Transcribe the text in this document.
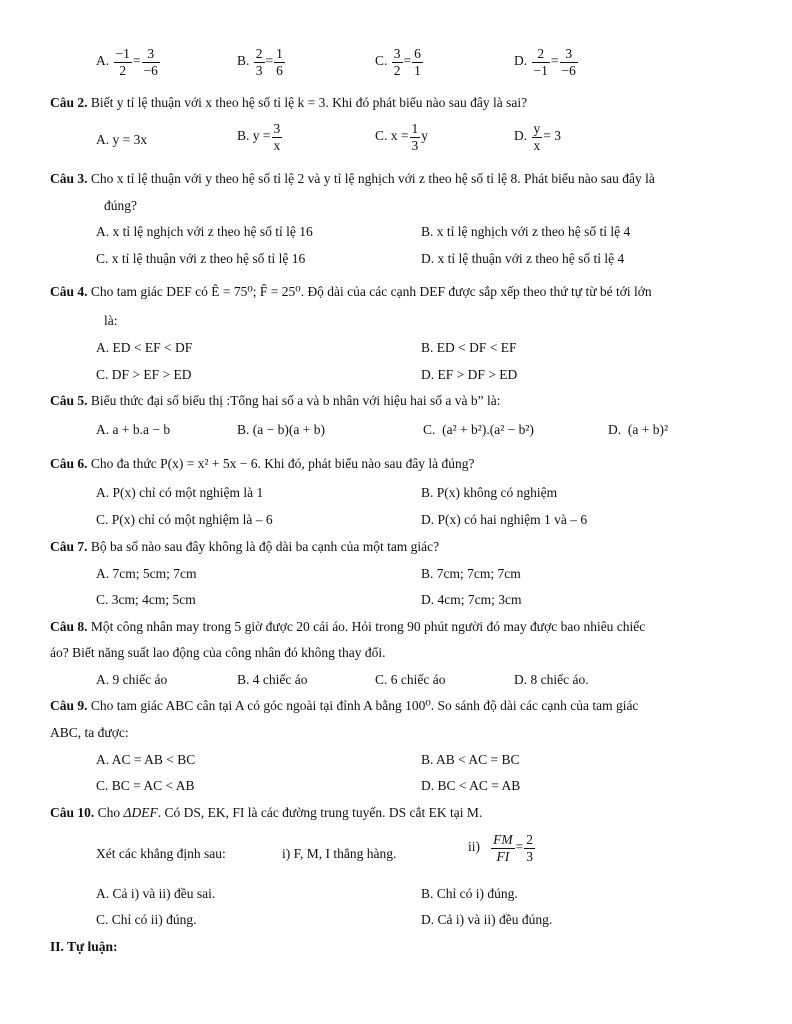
A. $\frac{-1}{2} = \frac{3}{-6}$	B. $\frac{2}{3} = \frac{1}{6}$	C. $\frac{3}{2} = \frac{6}{1}$	D. $\frac{2}{-1} = \frac{3}{-6}$
Câu 2. Biết y tỉ lệ thuận với x theo hệ số tỉ lệ k = 3. Khi đó phát biểu nào sau đây là sai?
A. y = 3x	B. $y = \frac{3}{x}$	C. $x = \frac{1}{3}$ y	D. $\frac{y}{x} = 3$
Câu 3. Cho x tỉ lệ thuận với y theo hệ số tỉ lệ 2 và y tỉ lệ nghịch với z theo hệ số tỉ lệ 8. Phát biểu nào sau đây là
đúng?
A. x tỉ lệ nghịch với z theo hệ số tỉ lệ 16	B. x tỉ lệ nghịch với z theo hệ số tỉ lệ 4
C. x tỉ lệ thuận với z theo hệ số tỉ lệ 16	D. x tỉ lệ thuận với z theo hệ số tỉ lệ 4
Câu 4. Cho tam giác DEF có Ê = 75⁰; F̂ = 25⁰. Độ dài của các cạnh DEF được sắp xếp theo thứ tự từ bé tới lớn
là:
A. ED < EF < DF	B. ED < DF < EF
C. DF > EF > ED	D. EF > DF > ED
Câu 5. Biểu thức đại số biểu thị :Tổng hai số a và b nhân với hiệu hai số a và b” là:
A. a + b.a − b	B. (a − b)(a + b)	C. (a² + b²).(a² − b²)	D. (a + b)²
Câu 6. Cho đa thức P(x) = x² + 5x − 6. Khi đó, phát biểu nào sau đây là đúng?
A. P(x) chỉ có một nghiệm là 1	B. P(x) không có nghiệm
C. P(x) chỉ có một nghiệm là – 6	D. P(x) có hai nghiệm 1 và – 6
Câu 7. Bộ ba số nào sau đây không là độ dài ba cạnh của một tam giác?
A. 7cm; 5cm; 7cm	B. 7cm; 7cm; 7cm
C. 3cm; 4cm; 5cm	D. 4cm; 7cm; 3cm
Câu 8. Một công nhân may trong 5 giờ được 20 cái áo. Hỏi trong 90 phút người đó may được bao nhiêu chiếc
áo? Biết năng suất lao động của công nhân đó không thay đổi.
A. 9 chiếc áo	B. 4 chiếc áo	C. 6 chiếc áo	D. 8 chiếc áo.
Câu 9. Cho tam giác ABC cân tại A có góc ngoài tại đỉnh A bằng 100⁰. So sánh độ dài các cạnh của tam giác
ABC, ta được:
A. AC = AB < BC	B. AB < AC = BC
C. BC = AC < AB	D. BC < AC = AB
Câu 10. Cho ΔDEF. Có DS, EK, FI là các đường trung tuyến. DS cắt EK tại M.
Xét các khẳng định sau:	i) F, M, I thẳng hàng.	$ii) \frac{FM}{FI} = \frac{2}{3}$
A. Cả i) và ii) đều sai.	B. Chỉ có i) đúng.
C. Chỉ có ii) đúng.	D. Cả i) và ii) đều đúng.
II. Tự luận:
